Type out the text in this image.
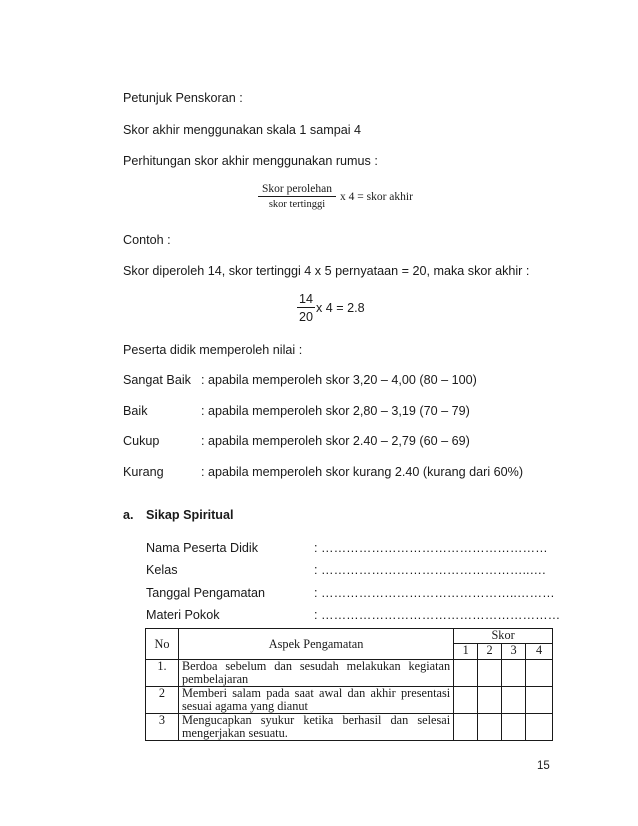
Petunjuk Penskoran :
Skor akhir menggunakan skala 1 sampai 4
Perhitungan skor akhir menggunakan rumus :
Skor perolehan
skor tertinggi
x 4 = skor akhir
Contoh :
Skor diperoleh 14, skor tertinggi 4 x 5 pernyataan = 20, maka skor akhir :
14
20
x 4 = 2.8
Peserta didik memperoleh nilai :
Sangat Baik : apabila memperoleh skor 3,20 – 4,00 (80 – 100)
Baik	: apabila memperoleh skor 2,80 – 3,19 (70 – 79)
Cukup	: apabila memperoleh skor 2.40 – 2,79 (60 – 69)
Kurang	: apabila memperoleh skor kurang 2.40 (kurang dari 60%)
a. Sikap Spiritual
Nama Peserta Didik	: ………………………………………………
Kelas	: …………………………………………..….
Tanggal Pengamatan	: ………………………………………..………
Materi Pokok	: …………………………………………………
No	Aspek Pengamatan	Skor			
		1	2	3	4
1.	Berdoa sebelum dan sesudah melakukan kegiatan pembelajaran				
2	Memberi salam pada saat awal dan akhir presentasi sesuai agama yang dianut				
3	Mengucapkan syukur ketika berhasil dan selesai mengerjakan sesuatu.				
15
